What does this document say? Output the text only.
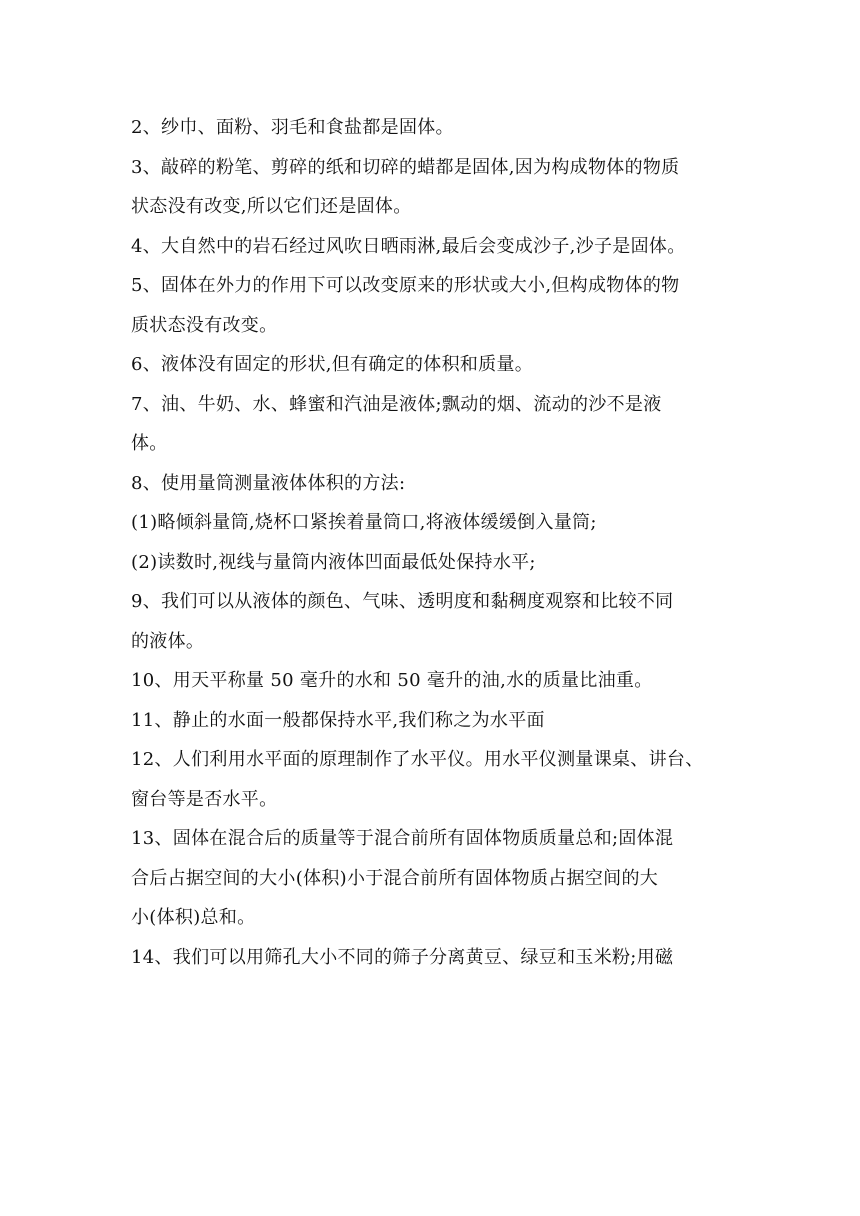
2、纱巾、面粉、羽毛和食盐都是固体。
3、敲碎的粉笔、剪碎的纸和切碎的蜡都是固体,因为构成物体的物质
状态没有改变,所以它们还是固体。
4、大自然中的岩石经过风吹日晒雨淋,最后会变成沙子,沙子是固体。
5、固体在外力的作用下可以改变原来的形状或大小,但构成物体的物
质状态没有改变。
6、液体没有固定的形状,但有确定的体积和质量。
7、油、牛奶、水、蜂蜜和汽油是液体;飘动的烟、流动的沙不是液
体。
8、使用量筒测量液体体积的方法:
(1)略倾斜量筒,烧杯口紧挨着量筒口,将液体缓缓倒入量筒;
(2)读数时,视线与量筒内液体凹面最低处保持水平;
9、我们可以从液体的颜色、气味、透明度和黏稠度观察和比较不同
的液体。
10、用天平称量 50 毫升的水和 50 毫升的油,水的质量比油重。
11、静止的水面一般都保持水平,我们称之为水平面
12、人们利用水平面的原理制作了水平仪。用水平仪测量课桌、讲台、
窗台等是否水平。
13、固体在混合后的质量等于混合前所有固体物质质量总和;固体混
合后占据空间的大小(体积)小于混合前所有固体物质占据空间的大
小(体积)总和。
14、我们可以用筛孔大小不同的筛子分离黄豆、绿豆和玉米粉;用磁
